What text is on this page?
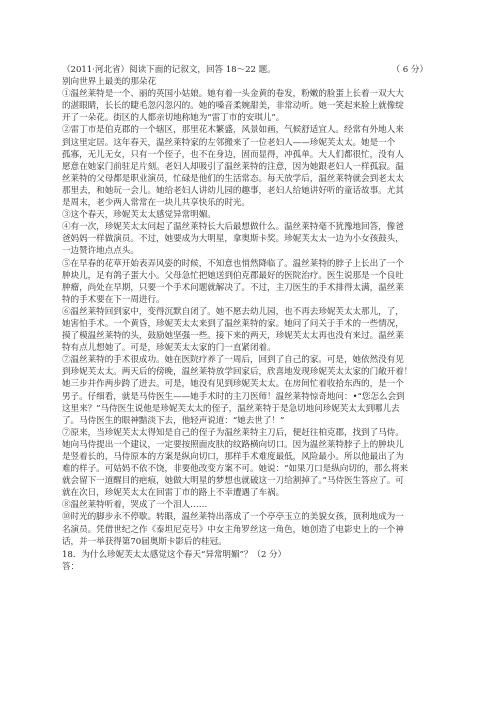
（2011·河北省）阅读下面的记叙文，回答 18～22 题。	（ 6 分）
别向世界上最美的那朵花
①温丝莱特是一个、丽的英国小姑娘。她有着一头金黄的卷发，粉嫩的脸蛋上长着一双大大
的湛眼睛，长长的睫毛忽闪忽闪的。她的嗓音柔婉甜美，非常动听。她一笑起来脸上就像绽
开了一朵花。街区的人都亲切地称她为“雷丁市的安琪儿”。
②雷丁市是伯克郡的一个辖区，那里花木繁盛，风景如画，气候舒适宜人。经常有外地人来
到这里定居。这年春天，温丝莱特家的左邻搬来了一位老妇人——珍妮芙太太。她是一个
孤寡，无儿无女，只有一个侄子，也不在身边，固而显得，冲孤单。大人们都很忙，没有人
愿意在她家门前驻足片刻。老妇人却吸引了温丝莱特的注意，因为她跟老妇人一样孤寂。温
丝莱特的父母都是职业演员，忙碌是他们的生活常态。每天放学后，温丝莱特就会到老太太
那里去，和她玩一会儿。她给老妇人讲幼儿园的趣事，老妇人给她讲好听的童话故事。尤其
是周末，老少两人常常在一块儿共享快乐的时光。
③这个春天，珍妮芙太太感觉异常明媚。
④有一次，珍妮芙太太问起了温丝莱特长大后最想做什么。温丝莱特毫不犹豫地回答，像爸
爸妈妈一样做演员。不过，她要成为大明星，拿奥斯卡奖。珍妮芙太太一边为小女孩鼓头，
一边赞许地点点头。
⑤在早春的花草开始表弄风姿的时候，不知意也悄然降临了。温丝莱特的脖子上长出了一个
肿块儿，足有鸽子蛋大小。父母急忙把她送到伯克郡最好的医院治疗。医生说那是一个良吐
肿瘤，尚处在早期，只要一个手术问题就解决了。不过，主刀医生的手术排得太满，温丝莱
特的手术要在下一周进行。
⑥温丝莱特回到家中，变得沉默自闭了。她不愿去幼儿园，也不再去珍妮芙太太那儿，了，
她害怕手术。一个黄昏，珍妮芙太太来到了温丝莱特的家。她问了问关于手术的一些情况，
摸了模温丝莱特的头，鼓励她坚强一些。接下来的两天，珍妮芙太太再也没有来过。温丝莱
特有点儿想她了。可是，珍妮芙太太家的门一直紧闭着。
⑦温丝莱特的手术很成功。她在医院疗养了一周后，回到了自己的家。可是，她依然没有见
到珍妮芙太太。两天后的傍晚，温丝莱特放学回家后，欣喜地发现珍妮芙太太家的门敞开着！
她三步并作两步跨了进去。可是，她没有见到珍妮芙太太。在房间忙着收拾东西的，是一个
男子。仔细看，就是马侍医生——她手术时的主刀医师！温丝莱特惊奇地问：•“您怎么会到
这里来？”马侍医生说他是珍妮芙太太的侄子，温丝莱特于是急切地问珍妮芙太太到哪儿去
了。马侍医生的眼神黯淡下去，他轻声说道：“她去世了！”
⑦原来，当珍妮芙太太得知是自己的侄子为温丝莱特主刀后，便赶往柏克郡，找到了马侍。
她向马侍提出一个建议，一定要按照面皮肤的纹路横向切口。因为温丝莱特脖子上的肿块儿
是竖着长的，马侍原本的方案是纵向切口，那样手术难度最低，风险最小。所以他最出了为
难的样子。可姑妈不依不饶，非要他改变方案不可。她说：“如果刀口是纵向切的，那么将来
就会留下一道醒目的疤痕，她做大明星的梦想也就破这一刀给割掉了。”马侍医生答应了。可
就在次日，珍妮芙太太在回雷丁市的路上不幸遭遇了车祸。
⑧温丝莱特听着，哭成了一个泪人……
⑩时光的脚步永不停歇。转眼，温丝莱特出落成了一个亭亭玉立的美貌女孩，顶利地成为一
名演员。凭借世纪之作《泰坦尼克号》中女主角罗丝这一角色，她创造了电影史上的一个神
话，并一举获得第70届奥斯卡影后的桂冠。
18．为什么珍妮芙太太感觉这个春天“异常明媚”？（2 分）
答：
